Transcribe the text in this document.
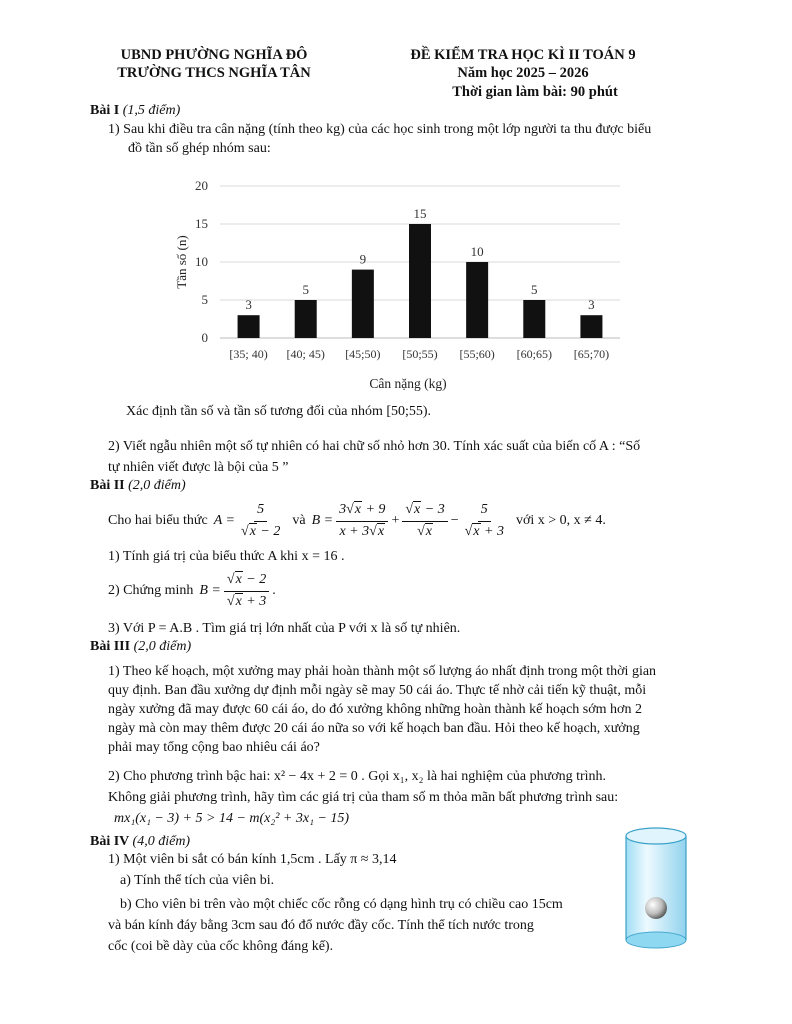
UBND PHƯỜNG NGHĨA ĐÔ
TRƯỜNG THCS NGHĨA TÂN
ĐỀ KIỂM TRA HỌC KÌ II TOÁN 9
Năm học 2025 – 2026
Thời gian làm bài: 90 phút
Bài I (1,5 điểm)
1) Sau khi điều tra cân nặng (tính theo kg) của các học sinh trong một lớp người ta thu được biểu
đồ tần số ghép nhóm sau:
0
5
10
15
20
3
[35; 40)
5
[40; 45)
9
[45;50)
15
[50;55)
10
[55;60)
5
[60;65)
3
[65;70)
Tần số (n)
Cân nặng (kg)
Xác định tần số và tần số tương đối của nhóm [50;55).
2) Viết ngẫu nhiên một số tự nhiên có hai chữ số nhỏ hơn 30. Tính xác suất của biến cố A : “Số
tự nhiên viết được là bội của 5 ”
Bài II (2,0 điểm)
Cho hai biểu thức $A = \frac{5}{√x - 2}$ và $B = \frac{3√x + 9}{x + 3√x} + \frac{√x - 3}{√x} - \frac{5}{√x + 3}$ với x > 0, x ≠ 4.
1) Tính giá trị của biểu thức A khi x = 16 .
2) Chứng minh $B = \frac{√x - 2}{√x + 3}$ .
3) Với P = A.B . Tìm giá trị lớn nhất của P với x là số tự nhiên.
Bài III (2,0 điểm)
1) Theo kế hoạch, một xưởng may phải hoàn thành một số lượng áo nhất định trong một thời gian
quy định. Ban đầu xưởng dự định mỗi ngày sẽ may 50 cái áo. Thực tế nhờ cải tiến kỹ thuật, mỗi
ngày xưởng đã may được 60 cái áo, do đó xưởng không những hoàn thành kế hoạch sớm hơn 2
ngày mà còn may thêm được 20 cái áo nữa so với kế hoạch ban đầu. Hỏi theo kế hoạch, xưởng
phải may tổng cộng bao nhiêu cái áo?
2) Cho phương trình bậc hai: x² − 4x + 2 = 0 . Gọi x₁, x₂ là hai nghiệm của phương trình.
Không giải phương trình, hãy tìm các giá trị của tham số m thỏa mãn bất phương trình sau:
mx₁(x₁ − 3) + 5 > 14 − m(x₂² + 3x₁ − 15)
Bài IV (4,0 điểm)
1) Một viên bi sắt có bán kính 1,5cm . Lấy π ≈ 3,14
a) Tính thể tích của viên bi.
b) Cho viên bi trên vào một chiếc cốc rỗng có dạng hình trụ có chiều cao 15cm
và bán kính đáy bằng 3cm sau đó đổ nước đầy cốc. Tính thể tích nước trong
cốc (coi bề dày của cốc không đáng kể).
